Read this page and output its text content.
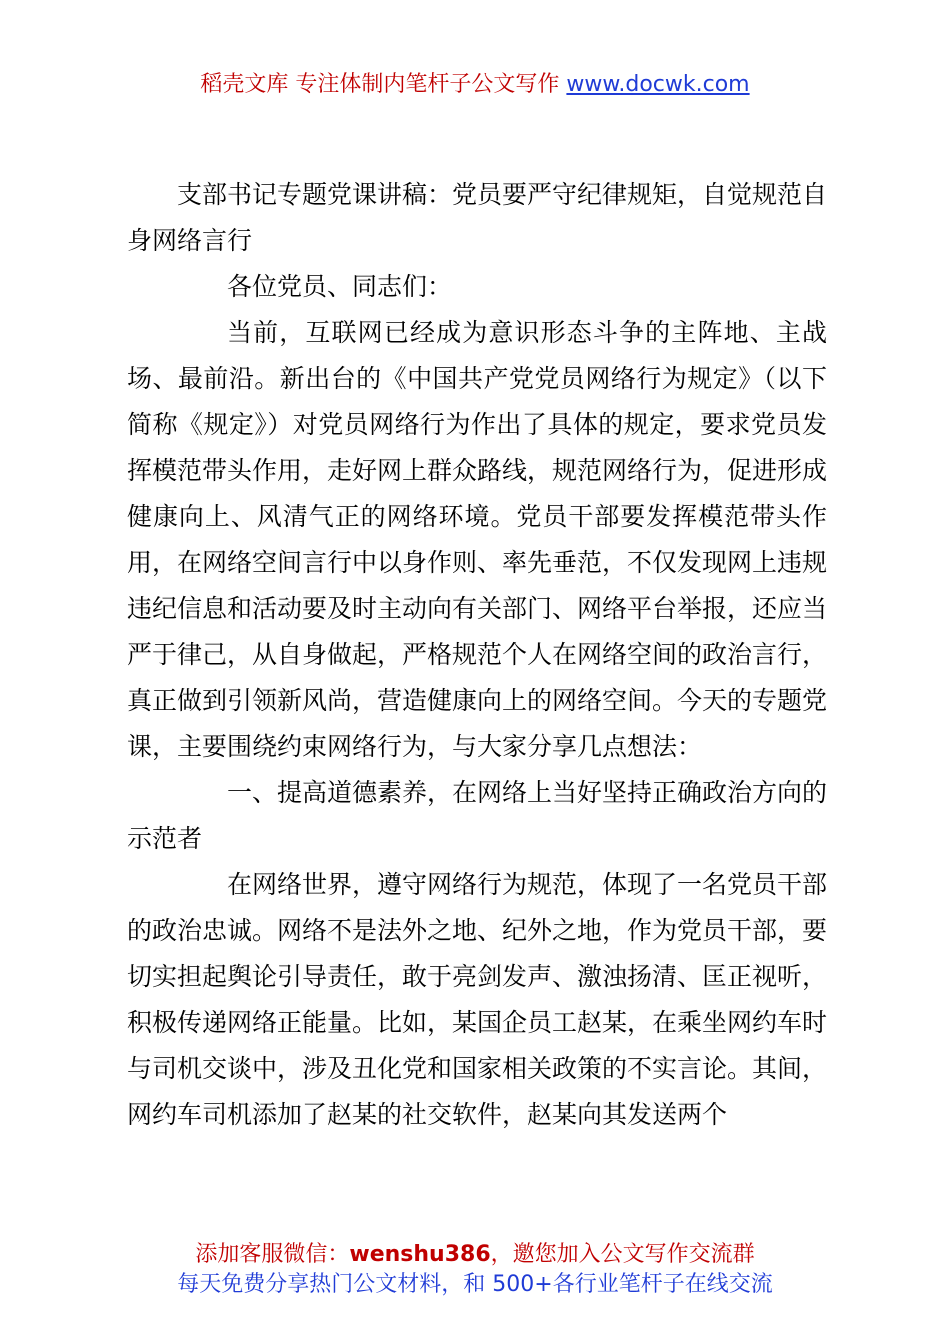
稻壳文库 专注体制内笔杆子公文写作 www.docwk.com

支部书记专题党课讲稿：党员要严守纪律规矩，自觉规范自身网络言行

各位党员、同志们：

当前，互联网已经成为意识形态斗争的主阵地、主战场、最前沿。新出台的《中国共产党党员网络行为规定》（以下简称《规定》）对党员网络行为作出了具体的规定，要求党员发挥模范带头作用，走好网上群众路线，规范网络行为，促进形成健康向上、风清气正的网络环境。党员干部要发挥模范带头作用，在网络空间言行中以身作则、率先垂范，不仅发现网上违规违纪信息和活动要及时主动向有关部门、网络平台举报，还应当严于律己，从自身做起，严格规范个人在网络空间的政治言行，真正做到引领新风尚，营造健康向上的网络空间。今天的专题党课，主要围绕约束网络行为，与大家分享几点想法：

一、提高道德素养，在网络上当好坚持正确政治方向的示范者

在网络世界，遵守网络行为规范，体现了一名党员干部的政治忠诚。网络不是法外之地、纪外之地，作为党员干部，要切实担起舆论引导责任，敢于亮剑发声、激浊扬清、匡正视听，积极传递网络正能量。比如，某国企员工赵某，在乘坐网约车时与司机交谈中，涉及丑化党和国家相关政策的不实言论。其间，网约车司机添加了赵某的社交软件，赵某向其发送两个

添加客服微信：wenshu386，邀您加入公文写作交流群
每天免费分享热门公文材料，和 500+各行业笔杆子在线交流
